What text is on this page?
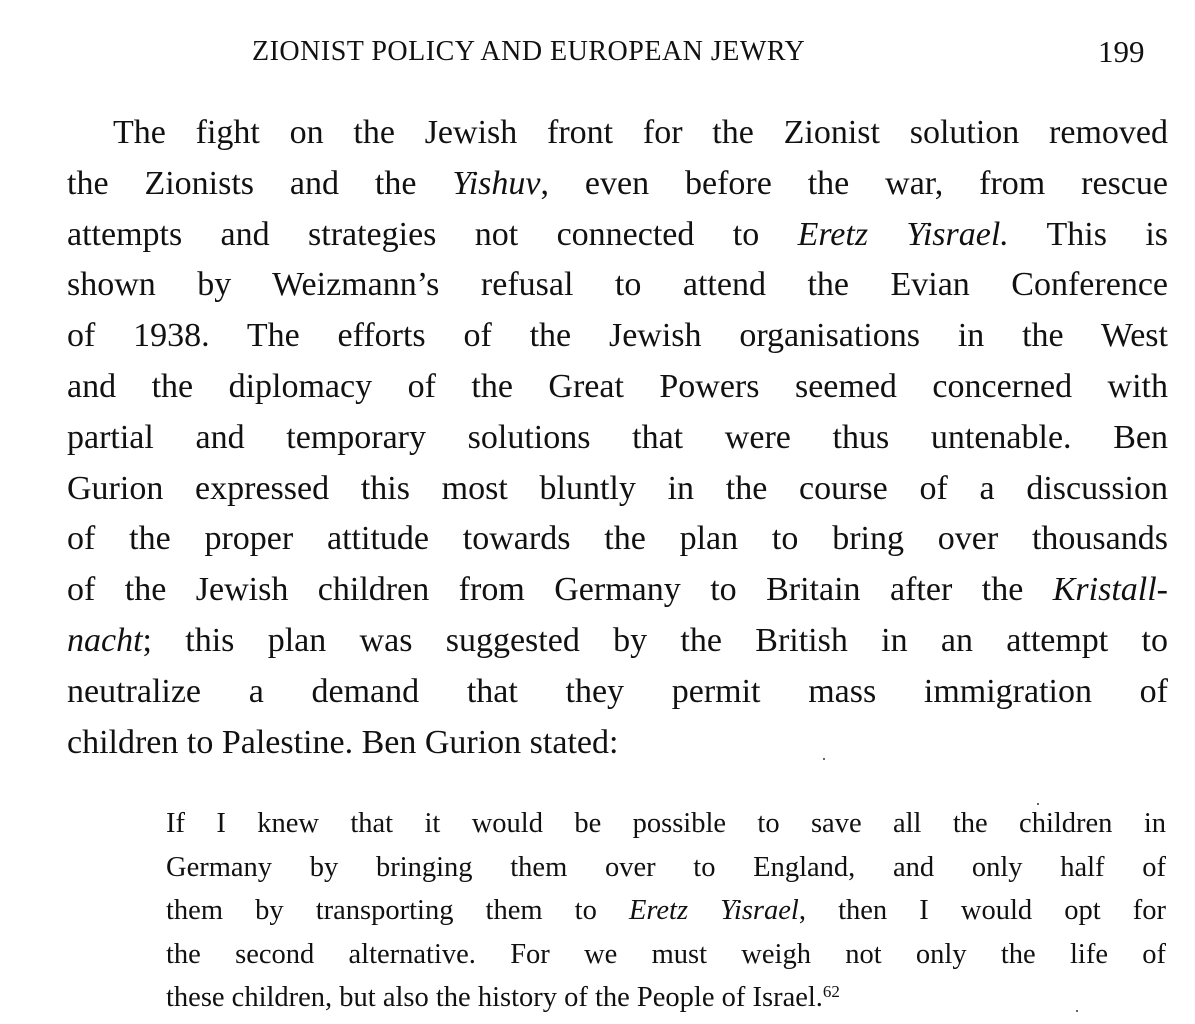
ZIONIST POLICY AND EUROPEAN JEWRY	199
The fight on the Jewish front for the Zionist solution removed
the Zionists and the Yishuv, even before the war, from rescue
attempts and strategies not connected to Eretz Yisrael. This is
shown by Weizmann’s refusal to attend the Evian Conference
of 1938. The efforts of the Jewish organisations in the West
and the diplomacy of the Great Powers seemed concerned with
partial and temporary solutions that were thus untenable. Ben
Gurion expressed this most bluntly in the course of a discussion
of the proper attitude towards the plan to bring over thousands
of the Jewish children from Germany to Britain after the Kristall-
nacht; this plan was suggested by the British in an attempt to
neutralize a demand that they permit mass immigration of
children to Palestine. Ben Gurion stated:
If I knew that it would be possible to save all the children in
Germany by bringing them over to England, and only half of
them by transporting them to Eretz Yisrael, then I would opt for
the second alternative. For we must weigh not only the life of
these children, but also the history of the People of Israel.$^{62}$
